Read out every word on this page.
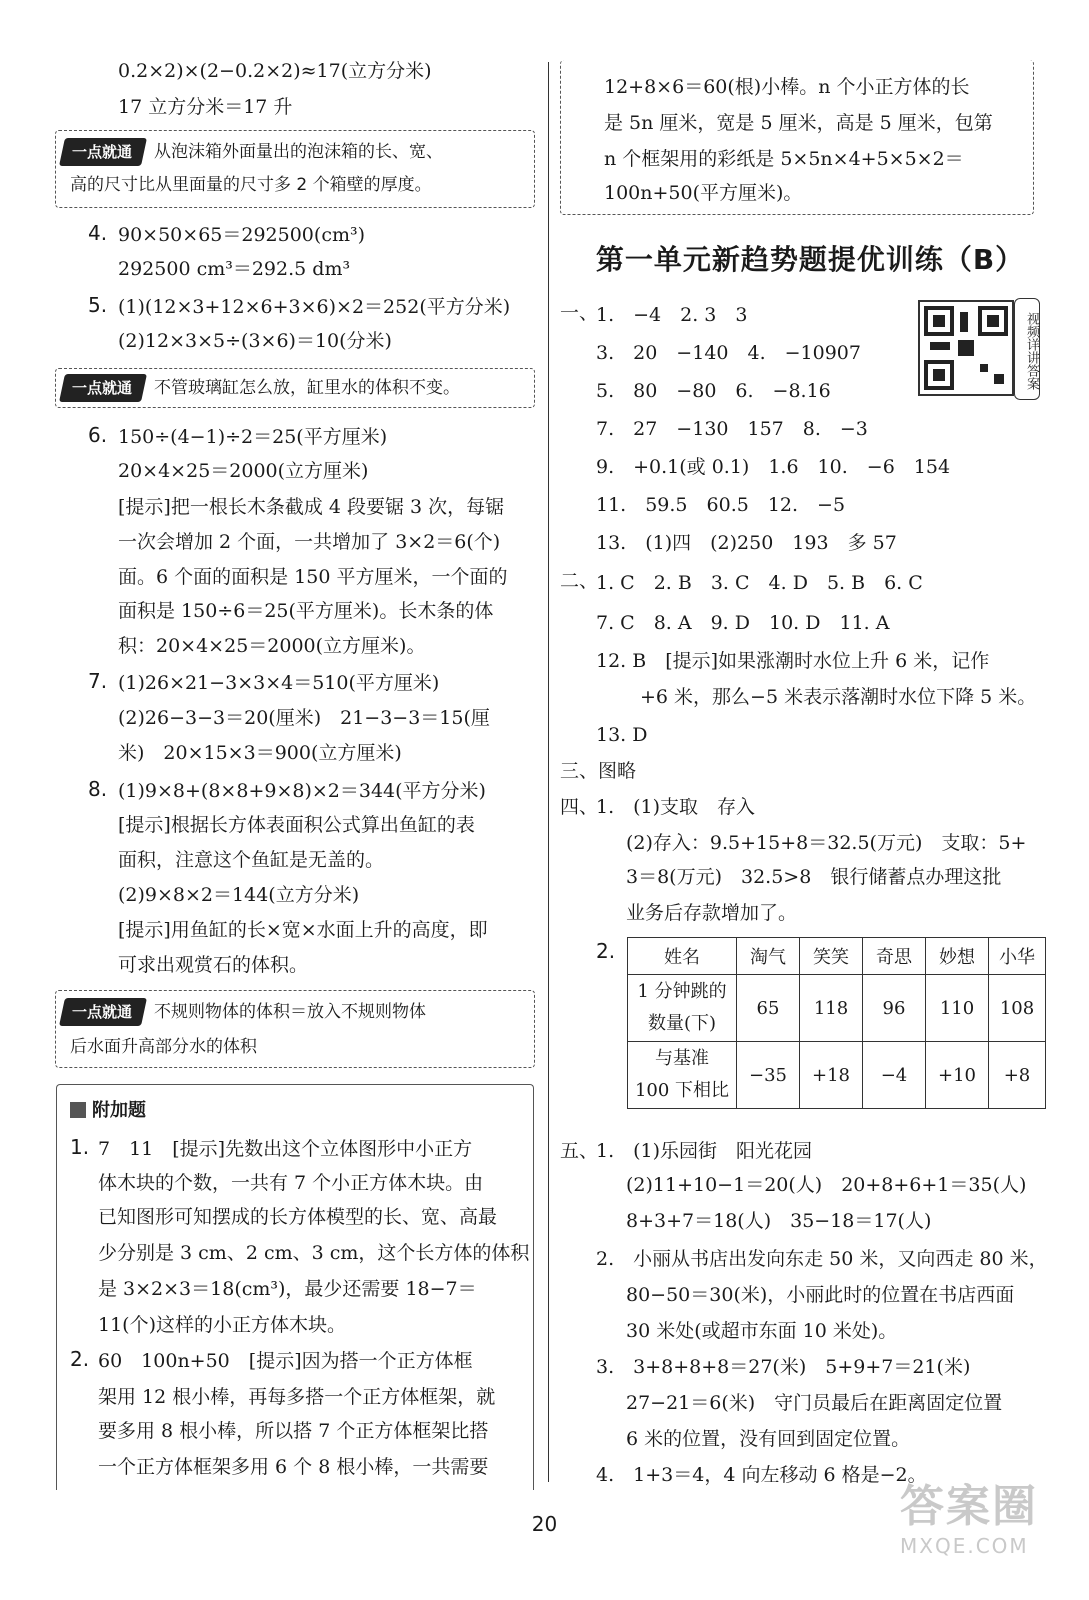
0.2×2)×(2−0.2×2)≈17(立方分米)
17 立方分米＝17 升
一点就通 从泡沫箱外面量出的泡沫箱的长、宽、
高的尺寸比从里面量的尺寸多 2 个箱壁的厚度。
4. 90×50×65＝292500(cm³)
292500 cm³＝292.5 dm³
5. (1)(12×3+12×6+3×6)×2＝252(平方分米)
(2)12×3×5÷(3×6)＝10(分米)
一点就通 不管玻璃缸怎么放，缸里水的体积不变。
6. 150÷(4−1)÷2＝25(平方厘米)
20×4×25＝2000(立方厘米)
[提示]把一根长木条截成 4 段要锯 3 次，每锯
一次会增加 2 个面，一共增加了 3×2＝6(个)
面。6 个面的面积是 150 平方厘米，一个面的
面积是 150÷6＝25(平方厘米)。长木条的体
积：20×4×25＝2000(立方厘米)。
7. (1)26×21−3×3×4＝510(平方厘米)
(2)26−3−3＝20(厘米)　21−3−3＝15(厘
米)　20×15×3＝900(立方厘米)
8. (1)9×8+(8×8+9×8)×2＝344(平方分米)
[提示]根据长方体表面积公式算出鱼缸的表
面积，注意这个鱼缸是无盖的。
(2)9×8×2＝144(立方分米)
[提示]用鱼缸的长×宽×水面上升的高度，即
可求出观赏石的体积。
一点就通 不规则物体的体积＝放入不规则物体
后水面升高部分水的体积
附加题
1. 7　11　[提示]先数出这个立体图形中小正方
体木块的个数，一共有 7 个小正方体木块。由
已知图形可知摆成的长方体模型的长、宽、高最
少分别是 3 cm、2 cm、3 cm，这个长方体的体积
是 3×2×3＝18(cm³)，最少还需要 18−7＝
11(个)这样的小正方体木块。
2. 60　100n+50　[提示]因为搭一个正方体框
架用 12 根小棒，再每多搭一个正方体框架，就
要多用 8 根小棒，所以搭 7 个正方体框架比搭
一个正方体框架多用 6 个 8 根小棒，一共需要
12+8×6＝60(根)小棒。n 个小正方体的长
是 5n 厘米，宽是 5 厘米，高是 5 厘米，包第
n 个框架用的彩纸是 5×5n×4+5×5×2＝
100n+50(平方厘米)。
第一单元新趋势题提优训练（B）
视频详讲答案
一、
1.　−4　2. 3　3
3.　20　−140　4.　−10907
5.　80　−80　6.　−8.16
7.　27　−130　157　8.　−3
9.　+0.1(或 0.1)　1.6　10.　−6　154
11.　59.5　60.5　12.　−5
13.　(1)四　(2)250　193　多 57
二、
1. C　2. B　3. C　4. D　5. B　6. C
7. C　8. A　9. D　10. D　11. A
12. B　[提示]如果涨潮时水位上升 6 米，记作
+6 米，那么−5 米表示落潮时水位下降 5 米。
13. D
三、图略
四、
1.　(1)支取　存入
(2)存入：9.5+15+8＝32.5(万元)　支取：5+
3＝8(万元)　32.5>8　银行储蓄点办理这批
业务后存款增加了。
2.	姓名	淘气	笑笑	奇思	妙想	小华

1 分钟跳的
数量(下)	65	118	96	110	108

与基准
100 下相比	−35	+18	−4	+10	+8
五、
1.　(1)乐园街　阳光花园
(2)11+10−1＝20(人)　20+8+6+1＝35(人)
8+3+7＝18(人)　35−18＝17(人)
2.　小丽从书店出发向东走 50 米，又向西走 80 米，
80−50＝30(米)，小丽此时的位置在书店西面
30 米处(或超市东面 10 米处)。
3.　3+8+8+8＝27(米)　5+9+7＝21(米)
27−21＝6(米)　守门员最后在距离固定位置
6 米的位置，没有回到固定位置。
4.　1+3＝4，4 向左移动 6 格是−2。
20	答案圈
MXQE.COM
